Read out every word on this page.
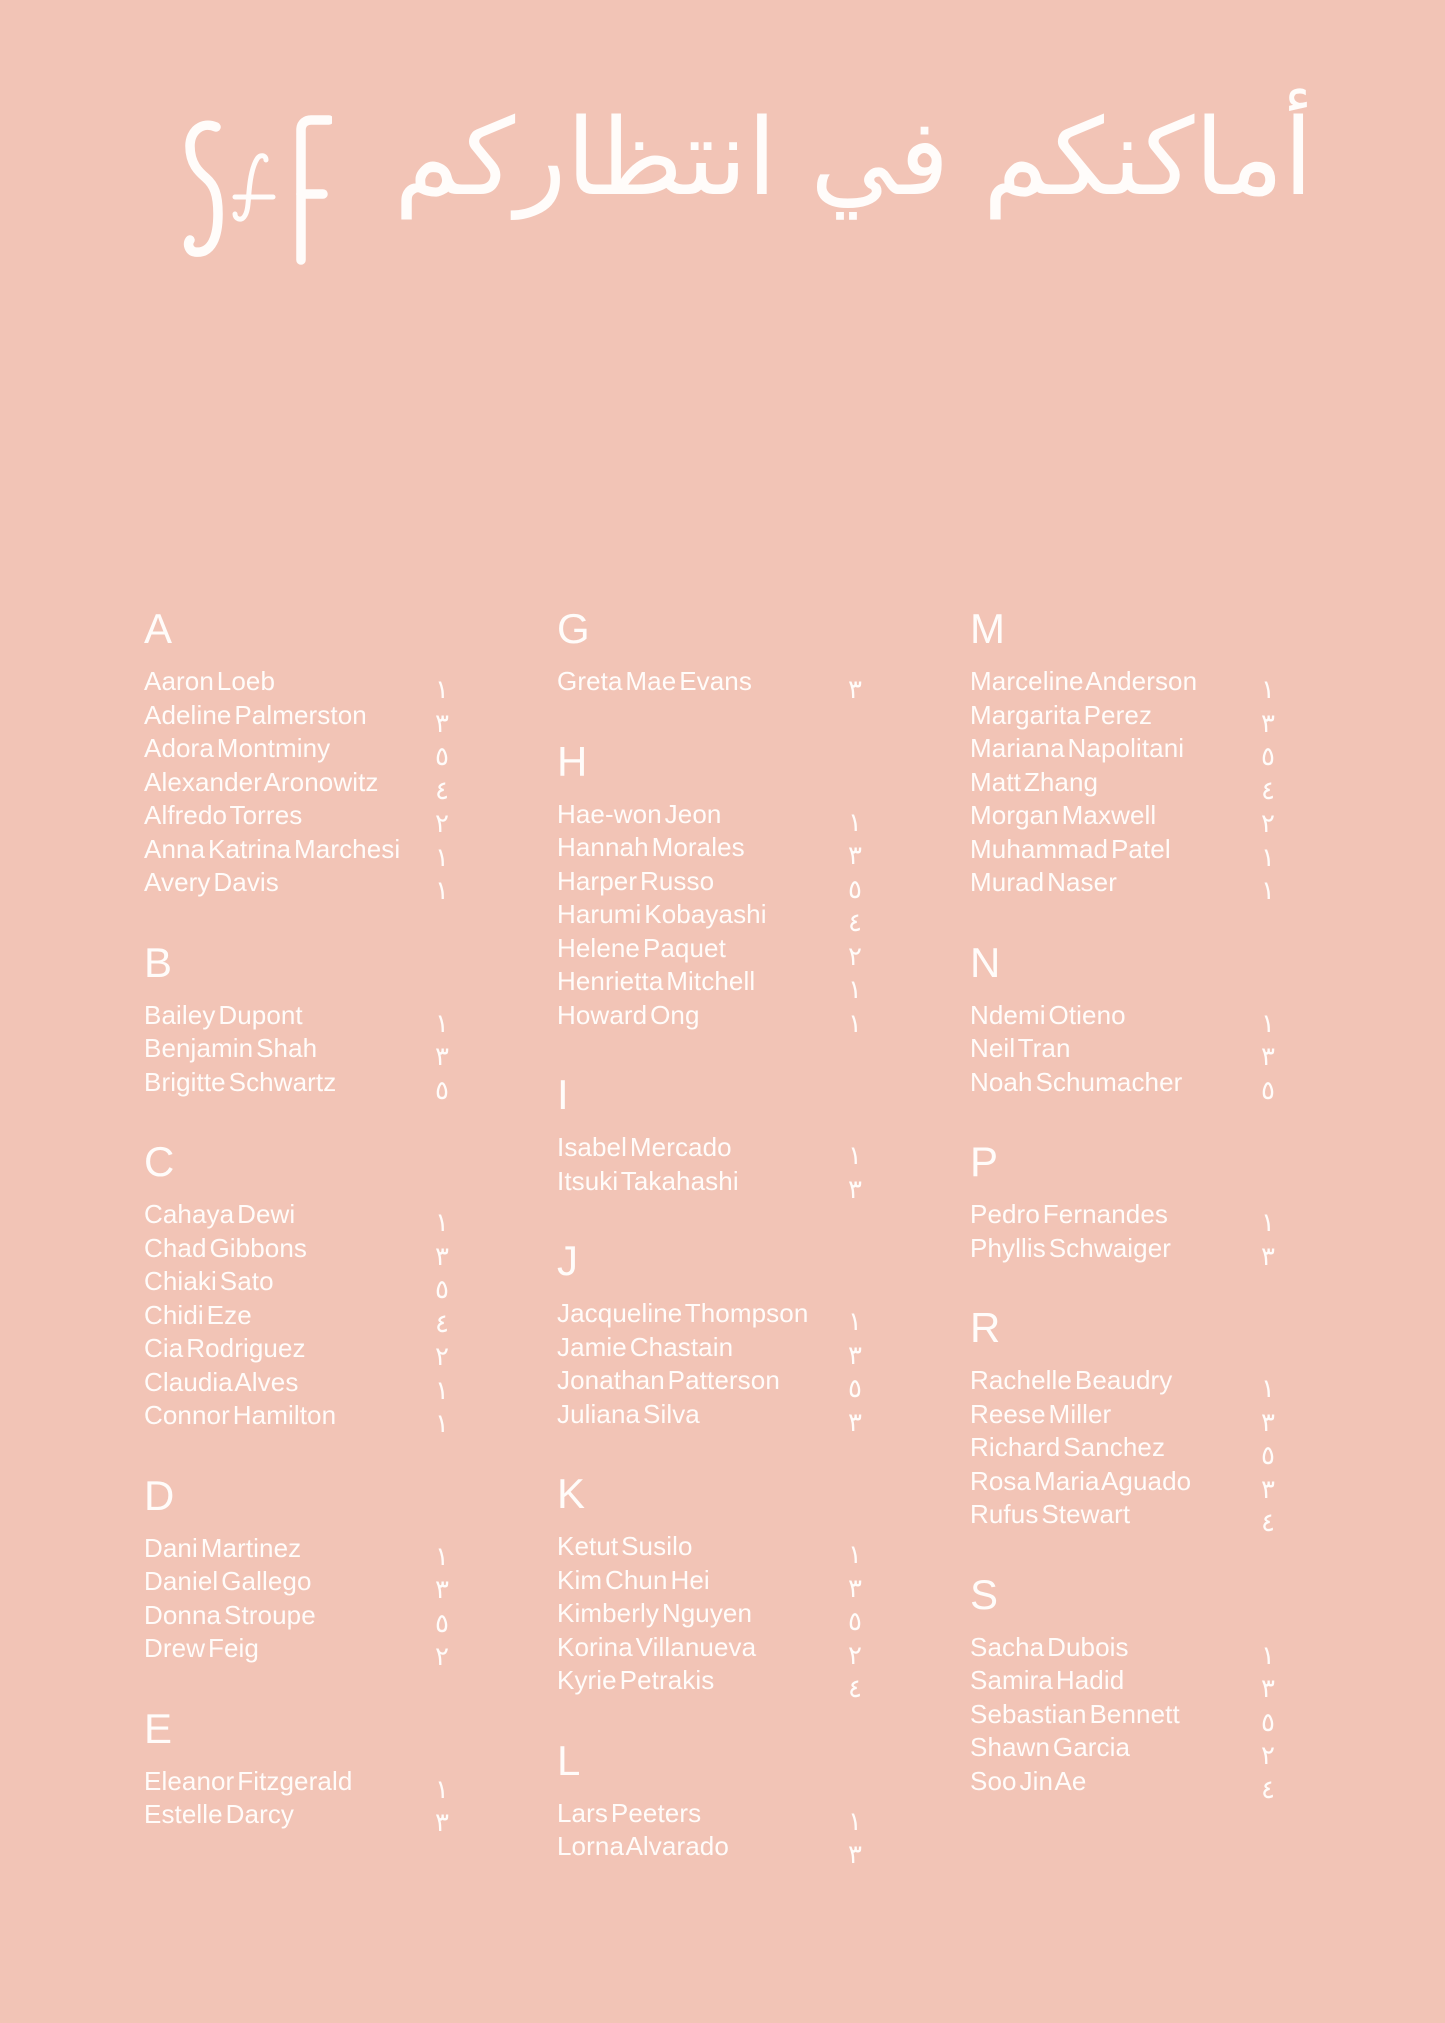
أماكنكم في انتظاركم
A
Aaron Loeb	١
Adeline Palmerston	٣
Adora Montminy	٥
Alexander Aronowitz	٤
Alfredo Torres	٢
Anna Katrina Marchesi	١
Avery Davis	١
B
Bailey Dupont	١
Benjamin Shah	٣
Brigitte Schwartz	٥
C
Cahaya Dewi	١
Chad Gibbons	٣
Chiaki Sato	٥
Chidi Eze	٤
Cia Rodriguez	٢
Claudia Alves	١
Connor Hamilton	١
D
Dani Martinez	١
Daniel Gallego	٣
Donna Stroupe	٥
Drew Feig	٢
E
Eleanor Fitzgerald	١
Estelle Darcy	٣
G
Greta Mae Evans	٣
H
Hae-won Jeon	١
Hannah Morales	٣
Harper Russo	٥
Harumi Kobayashi	٤
Helene Paquet	٢
Henrietta Mitchell	١
Howard Ong	١
I
Isabel Mercado	١
Itsuki Takahashi	٣
J
Jacqueline Thompson	١
Jamie Chastain	٣
Jonathan Patterson	٥
Juliana Silva	٣
K
Ketut Susilo	١
Kim Chun Hei	٣
Kimberly Nguyen	٥
Korina Villanueva	٢
Kyrie Petrakis	٤
L
Lars Peeters	١
Lorna Alvarado	٣
M
Marceline Anderson	١
Margarita Perez	٣
Mariana Napolitani	٥
Matt Zhang	٤
Morgan Maxwell	٢
Muhammad Patel	١
Murad Naser	١
N
Ndemi Otieno	١
Neil Tran	٣
Noah Schumacher	٥
P
Pedro Fernandes	١
Phyllis Schwaiger	٣
R
Rachelle Beaudry	١
Reese Miller	٣
Richard Sanchez	٥
Rosa Maria Aguado	٣
Rufus Stewart	٤
S
Sacha Dubois	١
Samira Hadid	٣
Sebastian Bennett	٥
Shawn Garcia	٢
Soo Jin Ae	٤
